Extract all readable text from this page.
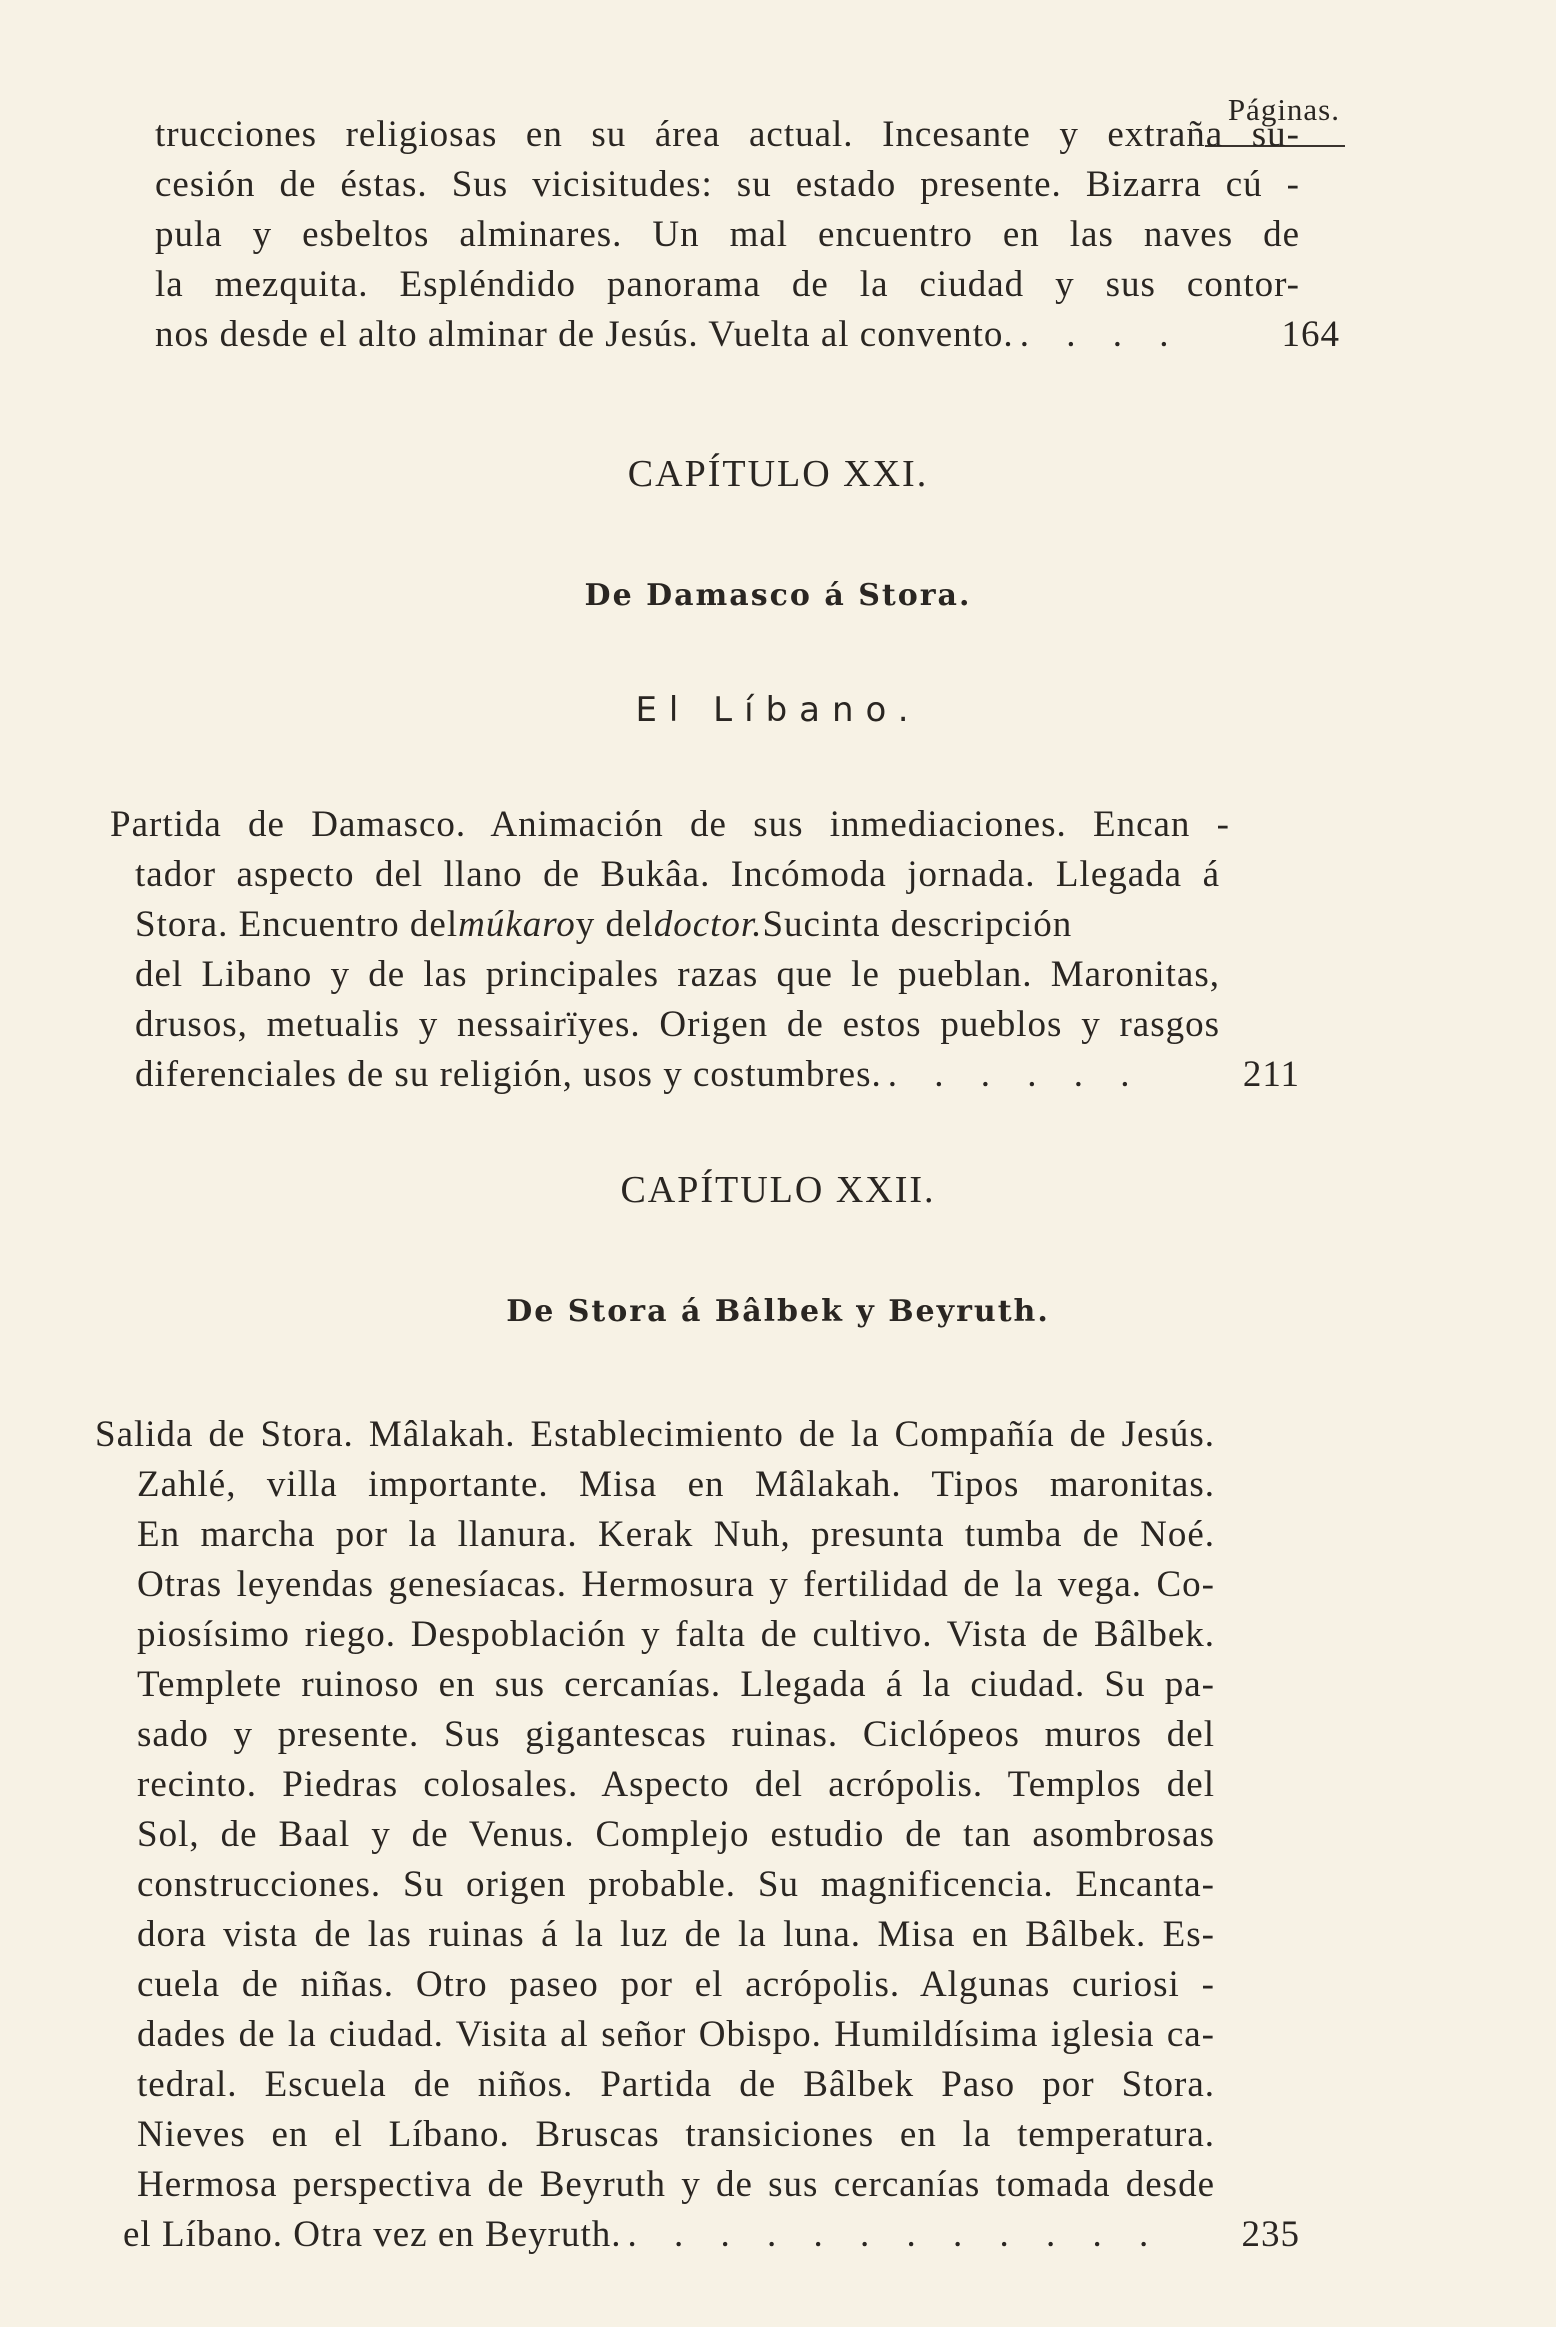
Páginas.
trucciones religiosas en su área actual. Incesante y extraña su-
cesión de éstas. Sus vicisitudes: su estado presente. Bizarra cú -
pula y esbeltos alminares. Un mal encuentro en las naves de
la mezquita. Espléndido panorama de la ciudad y sus contor-
nos desde el alto alminar de Jesús. Vuelta al convento. . . . .	164
CAPÍTULO XXI.
De Damasco á Stora.
El Líbano.
Partida de Damasco. Animación de sus inmediaciones. Encan -
tador aspecto del llano de Bukâa. Incómoda jornada. Llegada á
Stora. Encuentro del múkaro y del doctor. Sucinta descripción
del Libano y de las principales razas que le pueblan. Maronitas,
drusos, metualis y nessairïyes. Origen de estos pueblos y rasgos
diferenciales de su religión, usos y costumbres. . . . . . .	211
CAPÍTULO XXII.
De Stora á Bâlbek y Beyruth.
Salida de Stora. Mâlakah. Establecimiento de la Compañía de Jesús.
Zahlé, villa importante. Misa en Mâlakah. Tipos maronitas.
En marcha por la llanura. Kerak Nuh, presunta tumba de Noé.
Otras leyendas genesíacas. Hermosura y fertilidad de la vega. Co-
piosísimo riego. Despoblación y falta de cultivo. Vista de Bâlbek.
Templete ruinoso en sus cercanías. Llegada á la ciudad. Su pa-
sado y presente. Sus gigantescas ruinas. Ciclópeos muros del
recinto. Piedras colosales. Aspecto del acrópolis. Templos del
Sol, de Baal y de Venus. Complejo estudio de tan asombrosas
construcciones. Su origen probable. Su magnificencia. Encanta-
dora vista de las ruinas á la luz de la luna. Misa en Bâlbek. Es-
cuela de niñas. Otro paseo por el acrópolis. Algunas curiosi -
dades de la ciudad. Visita al señor Obispo. Humildísima iglesia ca-
tedral. Escuela de niños. Partida de Bâlbek Paso por Stora.
Nieves en el Líbano. Bruscas transiciones en la temperatura.
Hermosa perspectiva de Beyruth y de sus cercanías tomada desde
el Líbano. Otra vez en Beyruth. . . . . . . . . . . . .	235
